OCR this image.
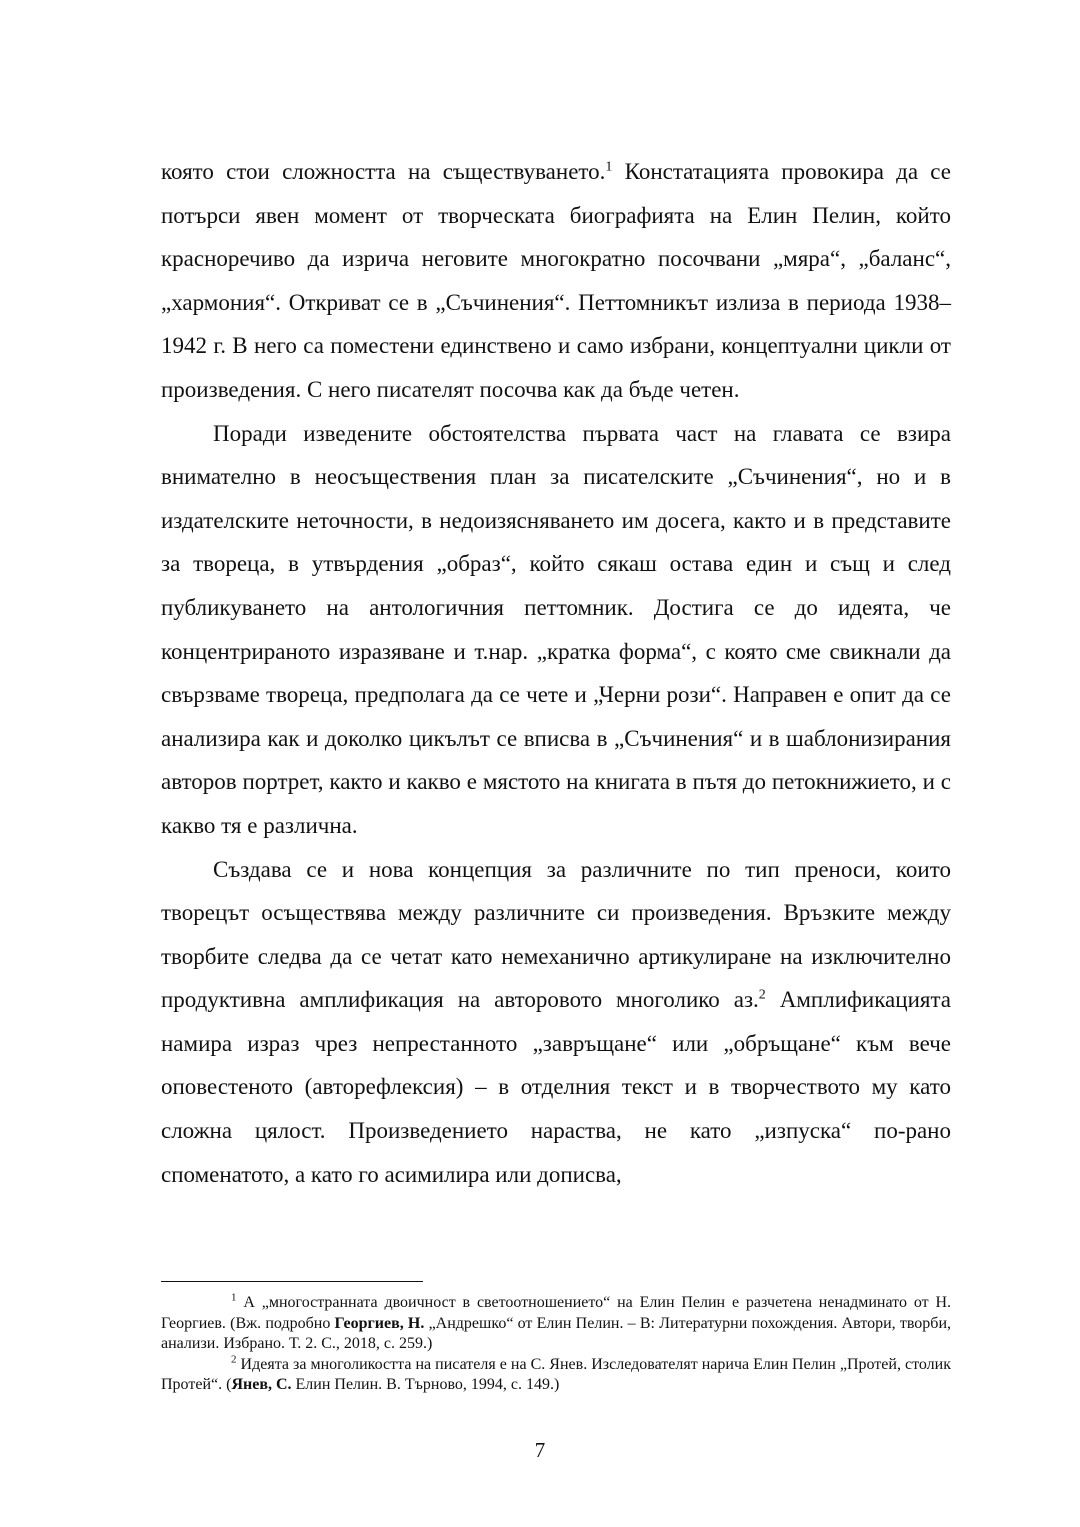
която стои сложността на съществуването.$^1$ Констатацията провокира да се потърси явен момент от творческата биографията на Елин Пелин, който красноречиво да изрича неговите многократно посочвани „мяра“, „баланс“, „хармония“. Откриват се в „Съчинения“. Петтомникът излиза в периода 1938–1942 г. В него са поместени единствено и само избрани, концептуални цикли от произведения. С него писателят посочва как да бъде четен.

Поради изведените обстоятелства първата част на главата се взира внимателно в неосъществения план за писателските „Съчинения“, но и в издателските неточности, в недоизясняването им досега, както и в представите за твореца, в утвърдения „образ“, който сякаш остава един и същ и след публикуването на антологичния петтомник. Достига се до идеята, че концентрираното изразяване и т.нар. „кратка форма“, с която сме свикнали да свързваме твореца, предполага да се чете и „Черни рози“. Направен е опит да се анализира как и доколко цикълът се вписва в „Съчинения“ и в шаблонизирания авторов портрет, както и какво е мястото на книгата в пътя до петокнижието, и с какво тя е различна.

Създава се и нова концепция за различните по тип преноси, които творецът осъществява между различните си произведения. Връзките между творбите следва да се четат като немеханично артикулиране на изключително продуктивна амплификация на авторовото многолико аз.$^2$ Амплификацията намира израз чрез непрестанното „завръщане“ или „обръщане“ към вече оповестеното (авторефлексия) – в отделния текст и в творчеството му като сложна цялост. Произведението нараства, не като „изпуска“ по-рано споменатото, а като го асимилира или дописва,

$^1$ А „многостранната двоичност в светоотношението“ на Елин Пелин е разчетена ненадминато от Н. Георгиев. (Вж. подробно Георгиев, Н. „Андрешко“ от Елин Пелин. – В: Литературни похождения. Автори, творби, анализи. Избрано. Т. 2. С., 2018, с. 259.)

$^2$ Идеята за многоликостта на писателя е на С. Янев. Изследователят нарича Елин Пелин „Протей, столик Протей“. (Янев, С. Елин Пелин. В. Търново, 1994, с. 149.)

7
